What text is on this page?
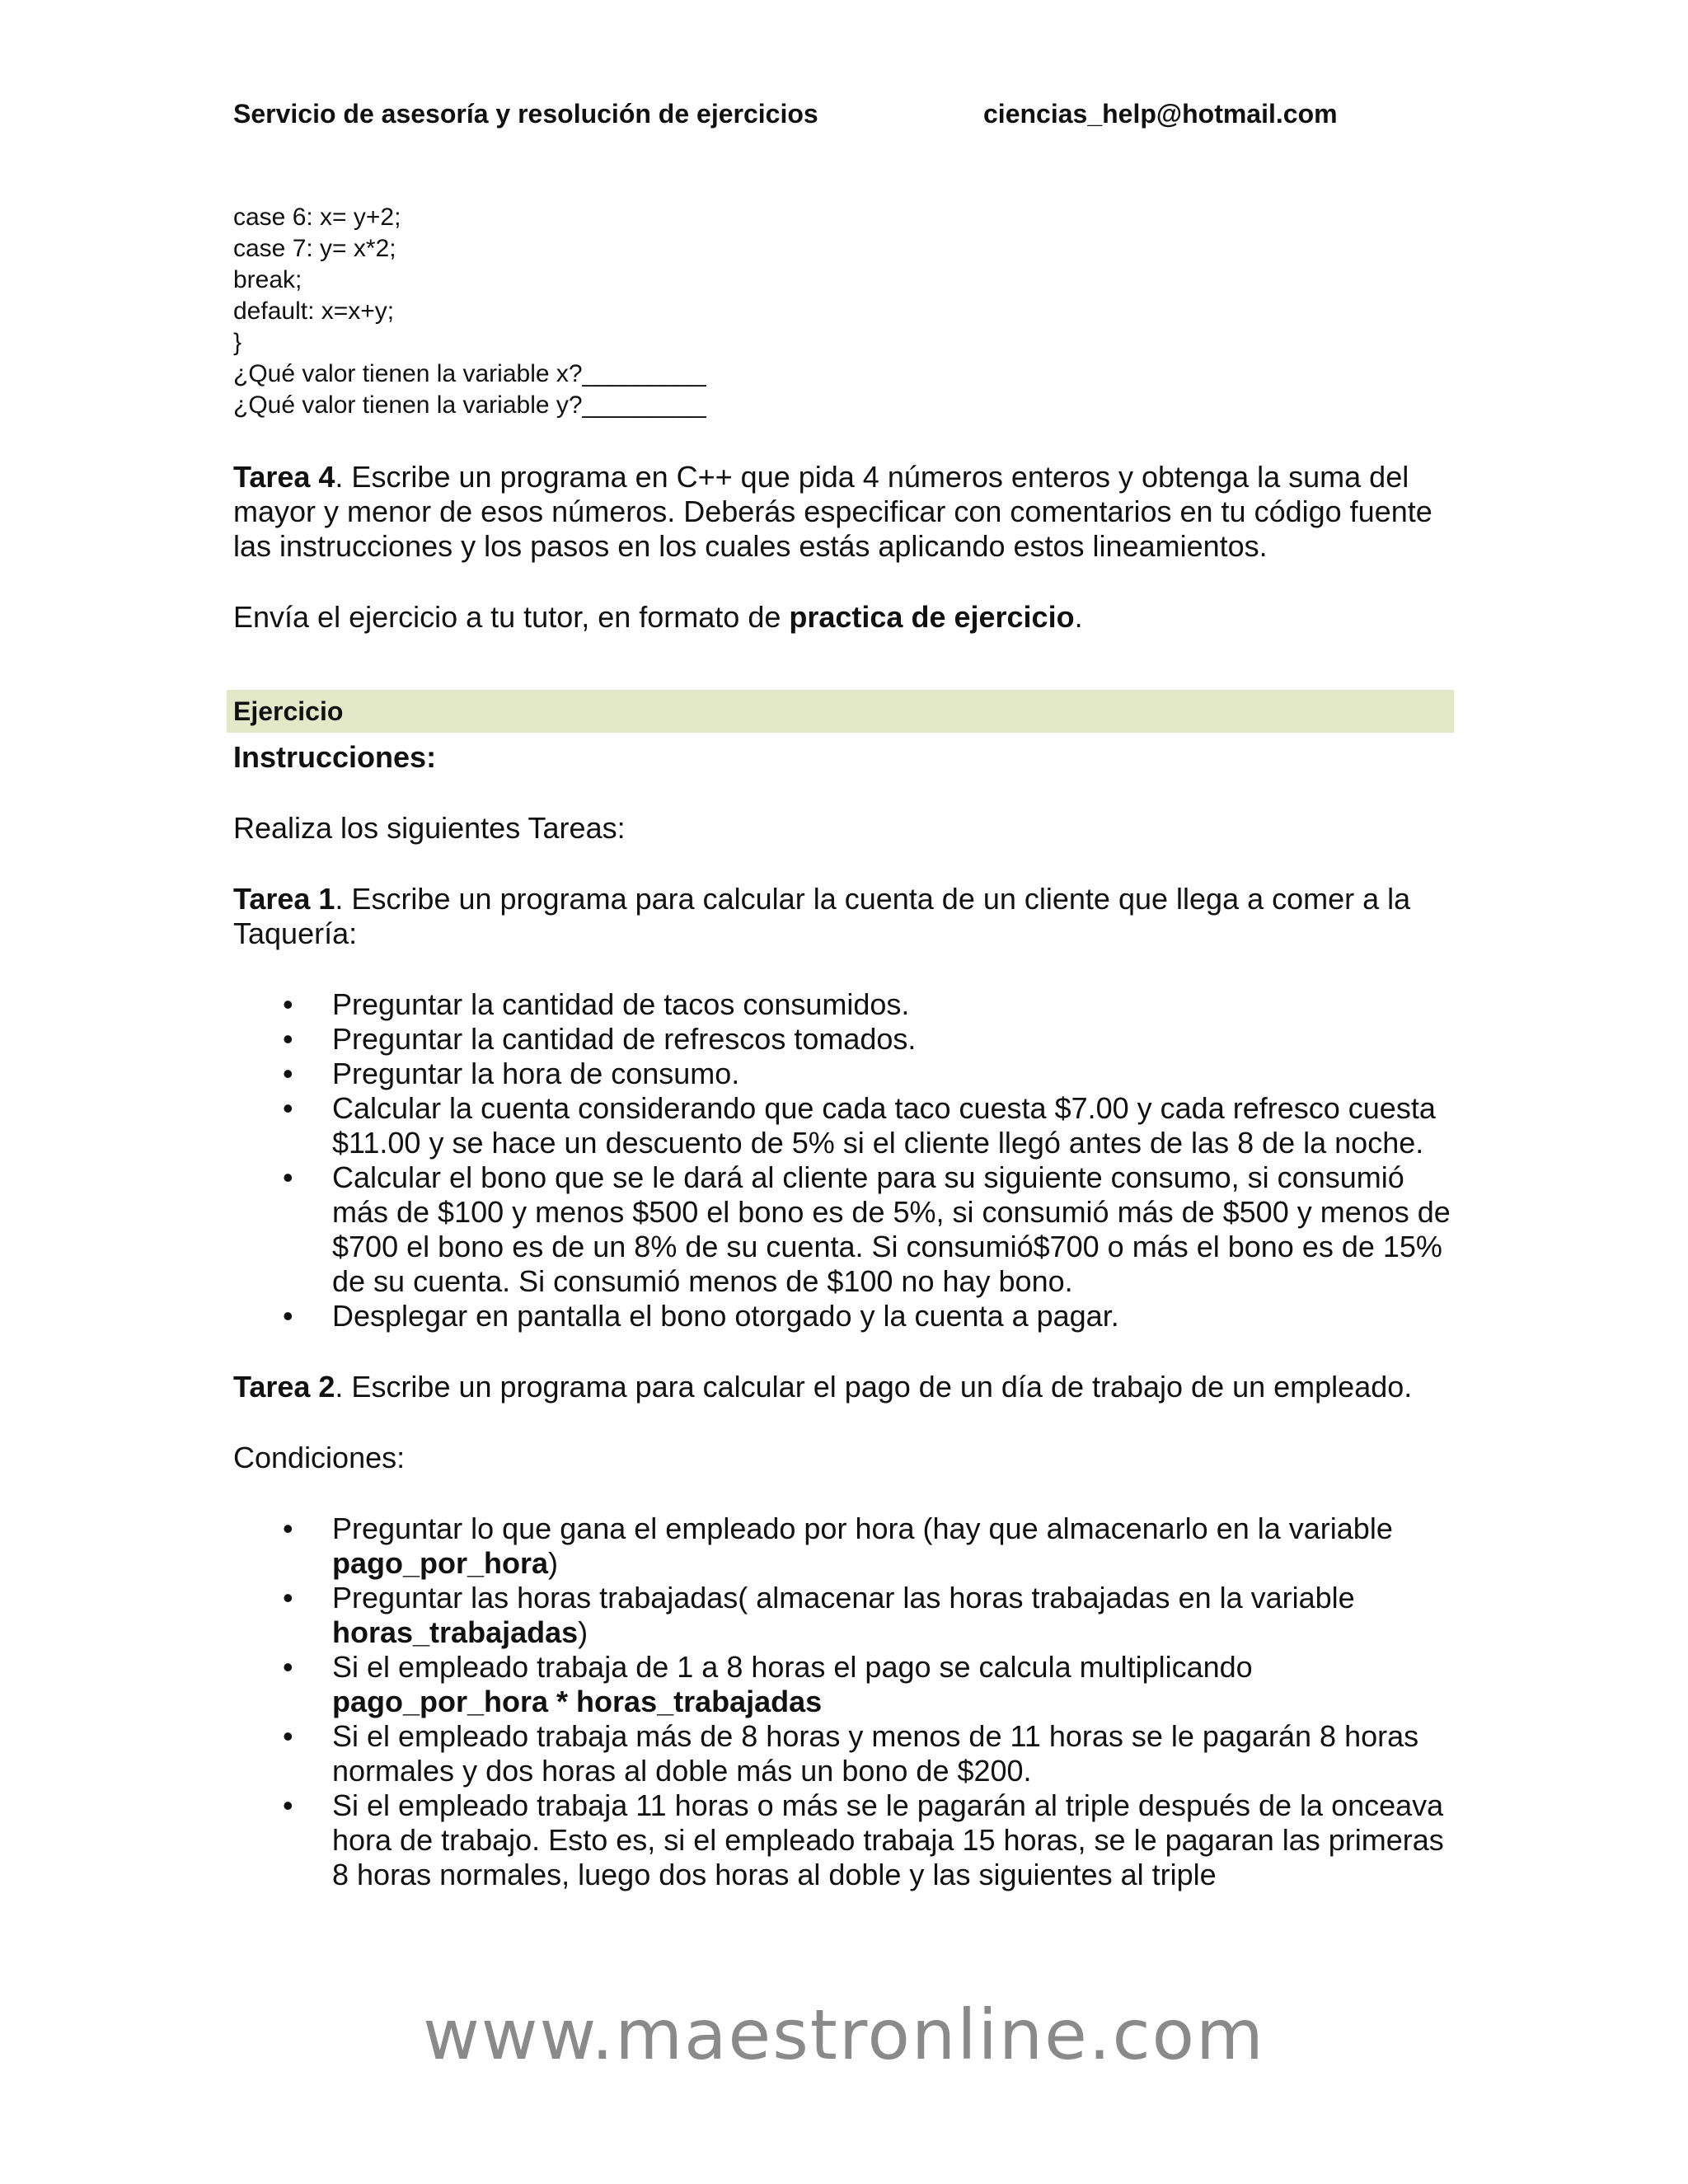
Servicio de asesoría y resolución de ejercicios	ciencias_help@hotmail.com
case 6: x= y+2;
case 7: y= x*2;
break;
default: x=x+y;
}
¿Qué valor tienen la variable x?_________
¿Qué valor tienen la variable y?_________

Tarea 4. Escribe un programa en C++ que pida 4 números enteros y obtenga la suma del mayor y menor de esos números. Deberás especificar con comentarios en tu código fuente las instrucciones y los pasos en los cuales estás aplicando estos lineamientos.

Envía el ejercicio a tu tutor, en formato de practica de ejercicio.

Ejercicio

Instrucciones:

Realiza los siguientes Tareas:

Tarea 1. Escribe un programa para calcular la cuenta de un cliente que llega a comer a la Taquería:

• Preguntar la cantidad de tacos consumidos.
• Preguntar la cantidad de refrescos tomados.
• Preguntar la hora de consumo.
• Calcular la cuenta considerando que cada taco cuesta $7.00 y cada refresco cuesta $11.00 y se hace un descuento de 5% si el cliente llegó antes de las 8 de la noche.
• Calcular el bono que se le dará al cliente para su siguiente consumo, si consumió más de $100 y menos $500 el bono es de 5%, si consumió más de $500 y menos de $700 el bono es de un 8% de su cuenta. Si consumió$700 o más el bono es de 15% de su cuenta. Si consumió menos de $100 no hay bono.
• Desplegar en pantalla el bono otorgado y la cuenta a pagar.

Tarea 2. Escribe un programa para calcular el pago de un día de trabajo de un empleado.

Condiciones:

• Preguntar lo que gana el empleado por hora (hay que almacenarlo en la variable pago_por_hora)
• Preguntar las horas trabajadas( almacenar las horas trabajadas en la variable horas_trabajadas)
• Si el empleado trabaja de 1 a 8 horas el pago se calcula multiplicando pago_por_hora * horas_trabajadas
• Si el empleado trabaja más de 8 horas y menos de 11 horas se le pagarán 8 horas normales y dos horas al doble más un bono de $200.
• Si el empleado trabaja 11 horas o más se le pagarán al triple después de la onceava hora de trabajo. Esto es, si el empleado trabaja 15 horas, se le pagaran las primeras 8 horas normales, luego dos horas al doble y las siguientes al triple
www.maestronline.com
